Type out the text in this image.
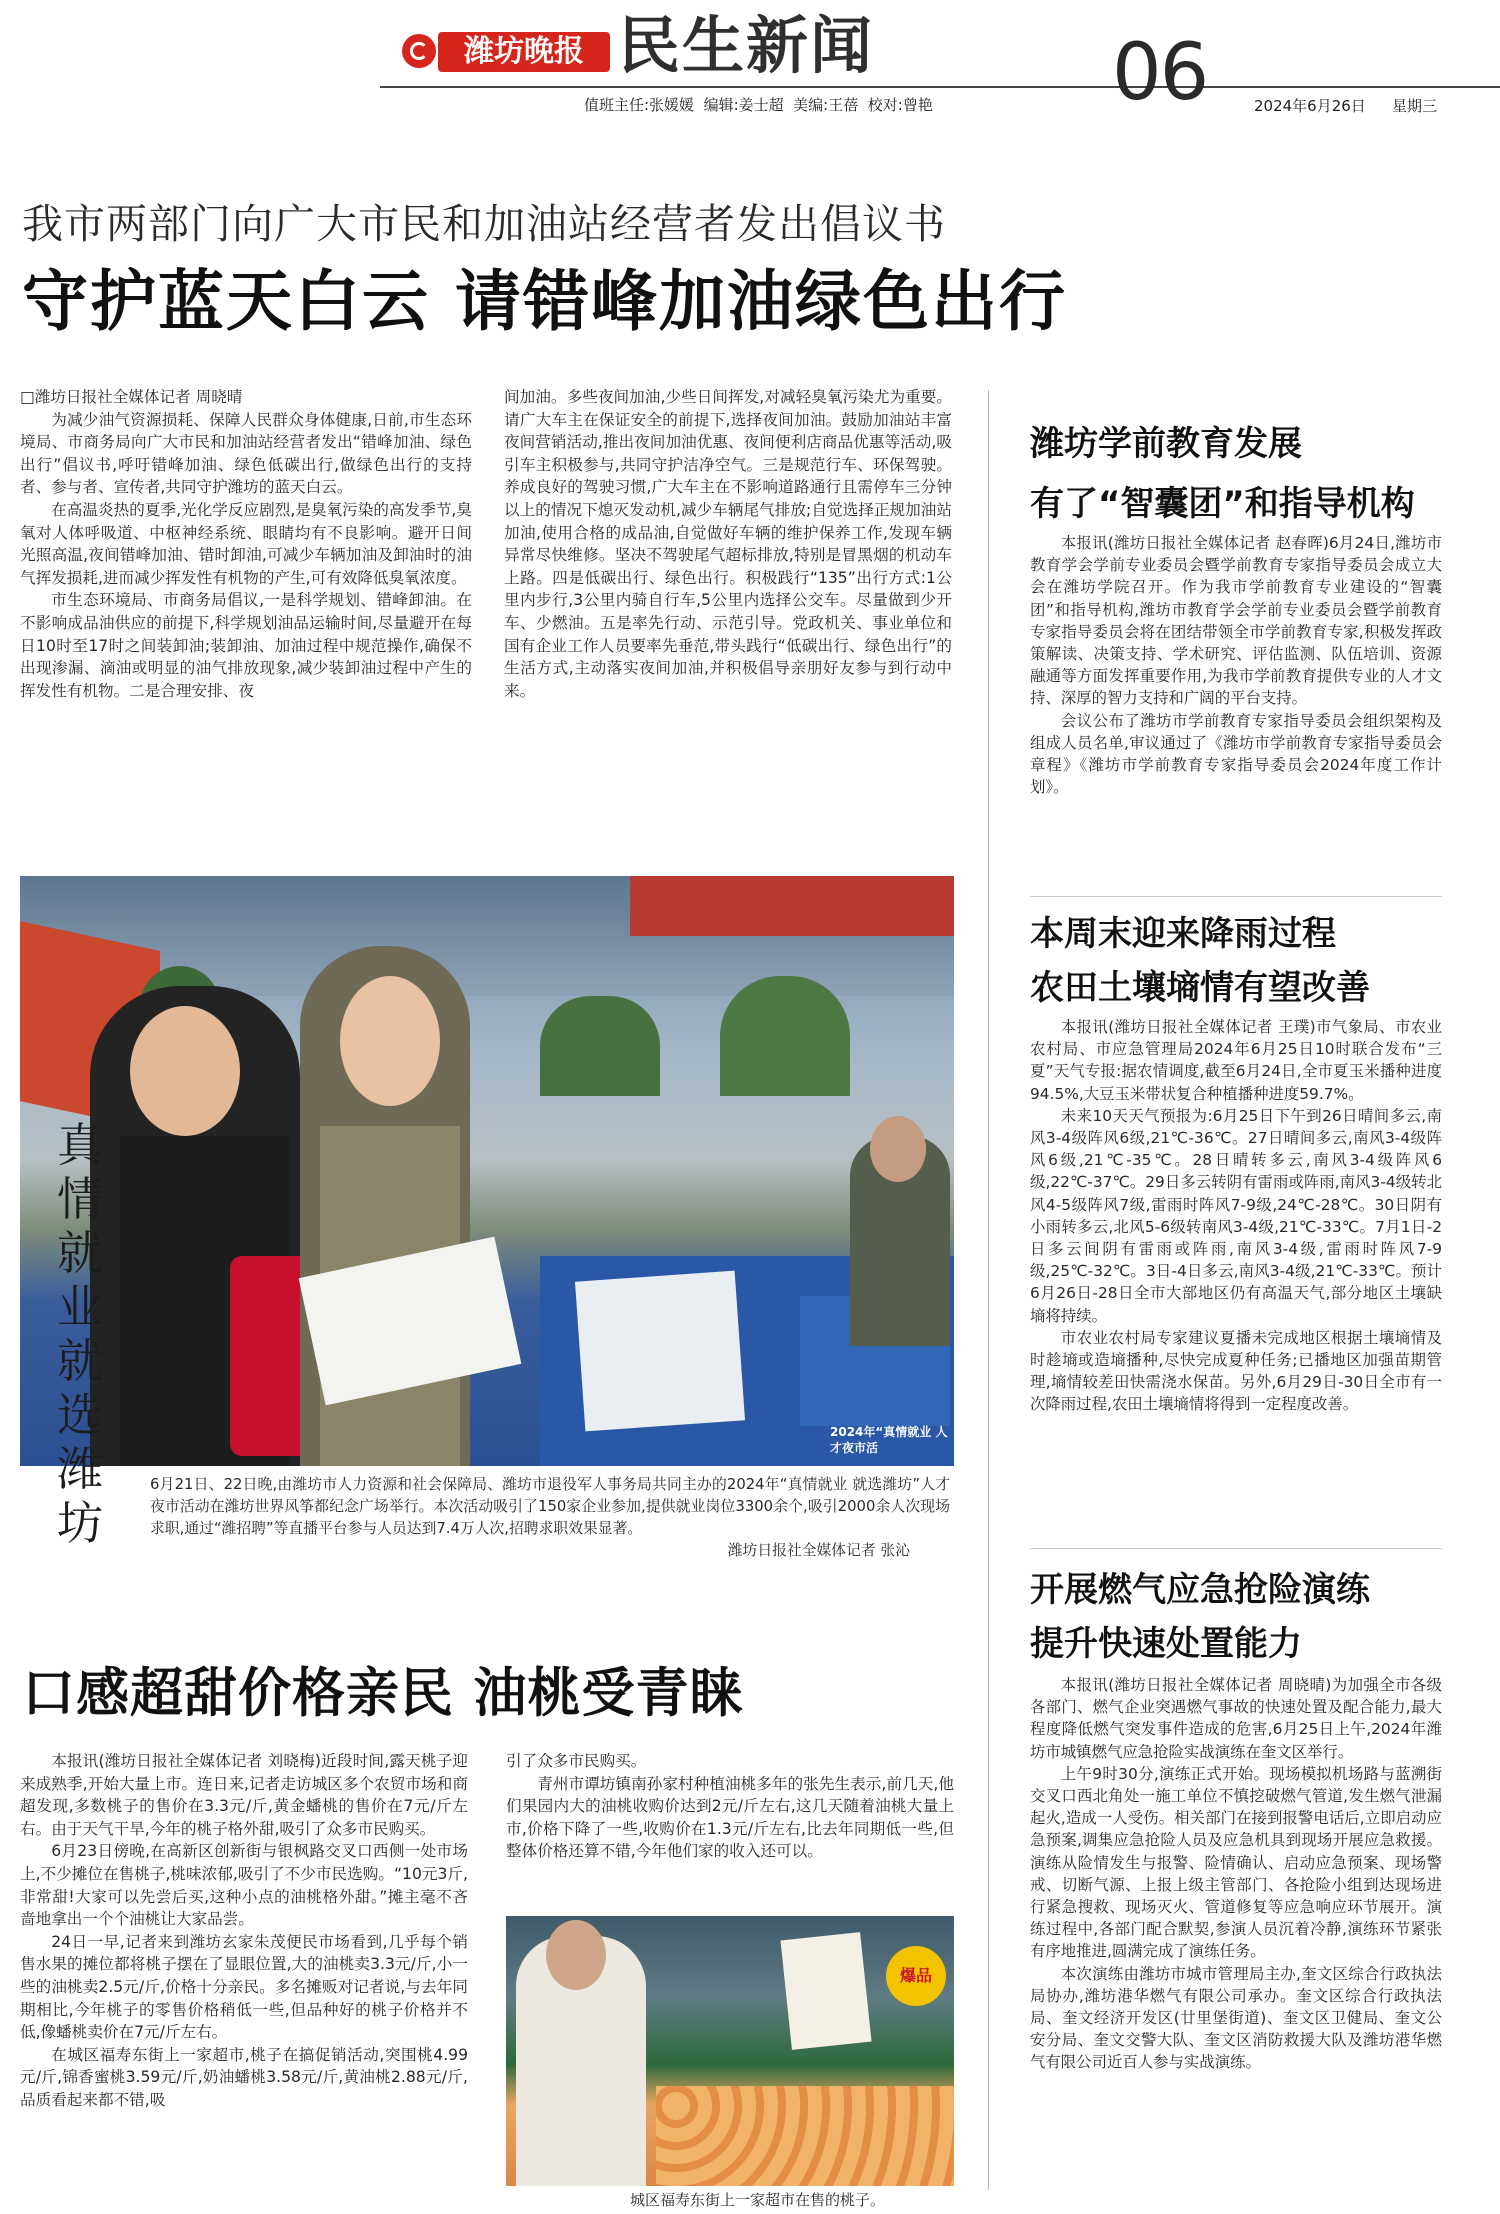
潍坊晚报 民生新闻
值班主任:张媛媛  编辑:姜士超  美编:王蓓  校对:曾艳 06	2024年6月26日 星期三
我市两部门向广大市民和加油站经营者发出倡议书
守护蓝天白云 请错峰加油绿色出行

□潍坊日报社全媒体记者 周晓晴

为减少油气资源损耗、保障人民群众身体健康,日前,市生态环境局、市商务局向广大市民和加油站经营者发出“错峰加油、绿色出行”倡议书,呼吁错峰加油、绿色低碳出行,做绿色出行的支持者、参与者、宣传者,共同守护潍坊的蓝天白云。

在高温炎热的夏季,光化学反应剧烈,是臭氧污染的高发季节,臭氧对人体呼吸道、中枢神经系统、眼睛均有不良影响。避开日间光照高温,夜间错峰加油、错时卸油,可减少车辆加油及卸油时的油气挥发损耗,进而减少挥发性有机物的产生,可有效降低臭氧浓度。

市生态环境局、市商务局倡议,一是科学规划、错峰卸油。在不影响成品油供应的前提下,科学规划油品运输时间,尽量避开在每日10时至17时之间装卸油;装卸油、加油过程中规范操作,确保不出现渗漏、滴油或明显的油气排放现象,减少装卸油过程中产生的挥发性有机物。二是合理安排、夜

间加油。多些夜间加油,少些日间挥发,对减轻臭氧污染尤为重要。请广大车主在保证安全的前提下,选择夜间加油。鼓励加油站丰富夜间营销活动,推出夜间加油优惠、夜间便利店商品优惠等活动,吸引车主积极参与,共同守护洁净空气。三是规范行车、环保驾驶。养成良好的驾驶习惯,广大车主在不影响道路通行且需停车三分钟以上的情况下熄灭发动机,减少车辆尾气排放;自觉选择正规加油站加油,使用合格的成品油,自觉做好车辆的维护保养工作,发现车辆异常尽快维修。坚决不驾驶尾气超标排放,特别是冒黑烟的机动车上路。四是低碳出行、绿色出行。积极践行“135”出行方式:1公里内步行,3公里内骑自行车,5公里内选择公交车。尽量做到少开车、少燃油。五是率先行动、示范引导。党政机关、事业单位和国有企业工作人员要率先垂范,带头践行“低碳出行、绿色出行”的生活方式,主动落实夜间加油,并积极倡导亲朋好友参与到行动中来。

2024年“真情就业 人才夜市活
真情就业 就选潍坊
6月21日、22日晚,由潍坊市人力资源和社会保障局、潍坊市退役军人事务局共同主办的2024年“真情就业 就选潍坊”人才夜市活动在潍坊世界风筝都纪念广场举行。本次活动吸引了150家企业参加,提供就业岗位3300余个,吸引2000余人次现场求职,通过“潍招聘”等直播平台参与人员达到7.4万人次,招聘求职效果显著。
潍坊日报社全媒体记者 张沁
口感超甜价格亲民 油桃受青睐

本报讯(潍坊日报社全媒体记者 刘晓梅)近段时间,露天桃子迎来成熟季,开始大量上市。连日来,记者走访城区多个农贸市场和商超发现,多数桃子的售价在3.3元/斤,黄金蟠桃的售价在7元/斤左右。由于天气干旱,今年的桃子格外甜,吸引了众多市民购买。

6月23日傍晚,在高新区创新街与银枫路交叉口西侧一处市场上,不少摊位在售桃子,桃味浓郁,吸引了不少市民选购。“10元3斤,非常甜!大家可以先尝后买,这种小点的油桃格外甜。”摊主毫不吝啬地拿出一个个油桃让大家品尝。

24日一早,记者来到潍坊玄家朱茂便民市场看到,几乎每个销售水果的摊位都将桃子摆在了显眼位置,大的油桃卖3.3元/斤,小一些的油桃卖2.5元/斤,价格十分亲民。多名摊贩对记者说,与去年同期相比,今年桃子的零售价格稍低一些,但品种好的桃子价格并不低,像蟠桃卖价在7元/斤左右。

在城区福寿东街上一家超市,桃子在搞促销活动,突围桃4.99元/斤,锦香蜜桃3.59元/斤,奶油蟠桃3.58元/斤,黄油桃2.88元/斤,品质看起来都不错,吸

引了众多市民购买。

青州市谭坊镇南孙家村种植油桃多年的张先生表示,前几天,他们果园内大的油桃收购价达到2元/斤左右,这几天随着油桃大量上市,价格下降了一些,收购价在1.3元/斤左右,比去年同期低一些,但整体价格还算不错,今年他们家的收入还可以。

爆品
城区福寿东街上一家超市在售的桃子。
潍坊学前教育发展
有了“智囊团”和指导机构

本报讯(潍坊日报社全媒体记者 赵春晖)6月24日,潍坊市教育学会学前专业委员会暨学前教育专家指导委员会成立大会在潍坊学院召开。作为我市学前教育专业建设的“智囊团”和指导机构,潍坊市教育学会学前专业委员会暨学前教育专家指导委员会将在团结带领全市学前教育专家,积极发挥政策解读、决策支持、学术研究、评估监测、队伍培训、资源融通等方面发挥重要作用,为我市学前教育提供专业的人才文持、深厚的智力支持和广阔的平台支持。

会议公布了潍坊市学前教育专家指导委员会组织架构及组成人员名单,审议通过了《潍坊市学前教育专家指导委员会章程》《潍坊市学前教育专家指导委员会2024年度工作计划》。

本周末迎来降雨过程
农田土壤墒情有望改善

本报讯(潍坊日报社全媒体记者 王璞)市气象局、市农业农村局、市应急管理局2024年6月25日10时联合发布“三夏”天气专报:据农情调度,截至6月24日,全市夏玉米播种进度94.5%,大豆玉米带状复合种植播种进度59.7%。

未来10天天气预报为:6月25日下午到26日晴间多云,南风3-4级阵风6级,21℃-36℃。27日晴间多云,南风3-4级阵风6级,21℃-35℃。28日晴转多云,南风3-4级阵风6级,22℃-37℃。29日多云转阴有雷雨或阵雨,南风3-4级转北风4-5级阵风7级,雷雨时阵风7-9级,24℃-28℃。30日阴有小雨转多云,北风5-6级转南风3-4级,21℃-33℃。7月1日-2日多云间阴有雷雨或阵雨,南风3-4级,雷雨时阵风7-9级,25℃-32℃。3日-4日多云,南风3-4级,21℃-33℃。预计6月26日-28日全市大部地区仍有高温天气,部分地区土壤缺墒将持续。

市农业农村局专家建议夏播未完成地区根据土壤墒情及时趁墒或造墒播种,尽快完成夏种任务;已播地区加强苗期管理,墒情较差田快需浇水保苗。另外,6月29日-30日全市有一次降雨过程,农田土壤墒情将得到一定程度改善。

开展燃气应急抢险演练
提升快速处置能力

本报讯(潍坊日报社全媒体记者 周晓晴)为加强全市各级各部门、燃气企业突遇燃气事故的快速处置及配合能力,最大程度降低燃气突发事件造成的危害,6月25日上午,2024年潍坊市城镇燃气应急抢险实战演练在奎文区举行。

上午9时30分,演练正式开始。现场模拟机场路与蓝溯街交叉口西北角处一施工单位不慎挖破燃气管道,发生燃气泄漏起火,造成一人受伤。相关部门在接到报警电话后,立即启动应急预案,调集应急抢险人员及应急机具到现场开展应急救援。演练从险情发生与报警、险情确认、启动应急预案、现场警戒、切断气源、上报上级主管部门、各抢险小组到达现场进行紧急搜救、现场灭火、管道修复等应急响应环节展开。演练过程中,各部门配合默契,参演人员沉着冷静,演练环节紧张有序地推进,圆满完成了演练任务。

本次演练由潍坊市城市管理局主办,奎文区综合行政执法局协办,潍坊港华燃气有限公司承办。奎文区综合行政执法局、奎文经济开发区(廿里堡街道)、奎文区卫健局、奎文公安分局、奎文交警大队、奎文区消防救援大队及潍坊港华燃气有限公司近百人参与实战演练。
